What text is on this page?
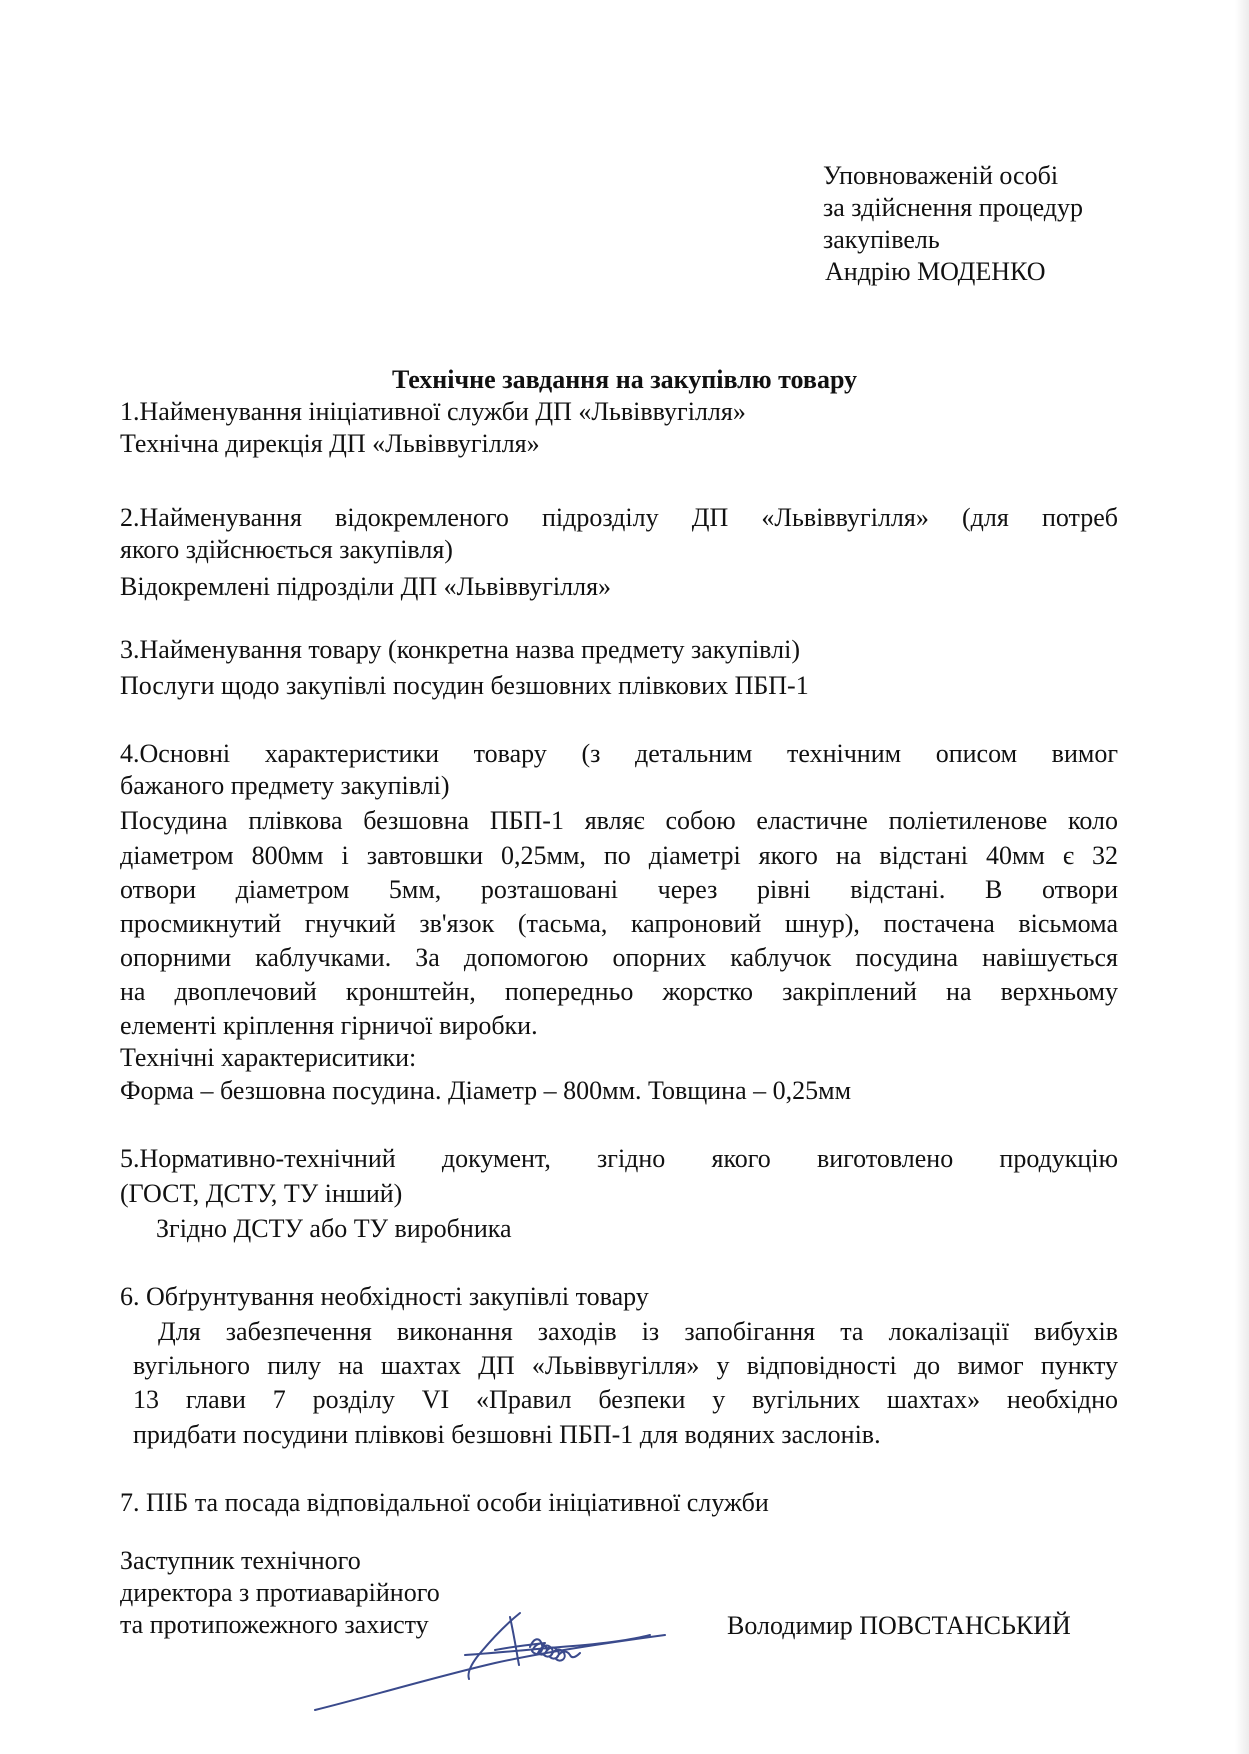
Уповноваженій особі
за здійснення процедур
закупівель
Андрію МОДЕНКО
Технічне завдання на закупівлю товару
1.Найменування ініціативної служби ДП «Львіввугілля»
Технічна дирекція ДП «Львіввугілля»
2.Найменування відокремленого підрозділу ДП «Львіввугілля» (для потреб
якого здійснюється закупівля)
Відокремлені підрозділи ДП «Львіввугілля»
3.Найменування товару (конкретна назва предмету закупівлі)
Послуги щодо закупівлі посудин безшовних плівкових ПБП-1
4.Основні характеристики товару (з детальним технічним описом вимог
бажаного предмету закупівлі)
Посудина плівкова безшовна ПБП-1 являє собою еластичне поліетиленове коло
діаметром 800мм і завтовшки 0,25мм, по діаметрі якого на відстані 40мм є 32
отвори діаметром 5мм, розташовані через рівні відстані. В отвори
просмикнутий гнучкий зв'язок (тасьма, капроновий шнур), постачена вісьмома
опорними каблучками. За допомогою опорних каблучок посудина навішується
на двоплечовий кронштейн, попередньо жорстко закріплений на верхньому
елементі кріплення гірничої виробки.
Технічні характериситики:
Форма – безшовна посудина. Діаметр – 800мм. Товщина – 0,25мм
5.Нормативно-технічний документ, згідно якого виготовлено продукцію
(ГОСТ, ДСТУ, ТУ інший)
Згідно ДСТУ або ТУ виробника
6. Обґрунтування необхідності закупівлі товару
Для забезпечення виконання заходів із запобігання та локалізації вибухів
вугільного пилу на шахтах ДП «Львіввугілля» у відповідності до вимог пункту
13 глави 7 розділу VI «Правил безпеки у вугільних шахтах» необхідно
придбати посудини плівкові безшовні ПБП-1 для водяних заслонів.
7. ПІБ та посада відповідальної особи ініціативної служби
Заступник технічного
директора з протиаварійного
та протипожежного захисту	Володимир ПОВСТАНСЬКИЙ
